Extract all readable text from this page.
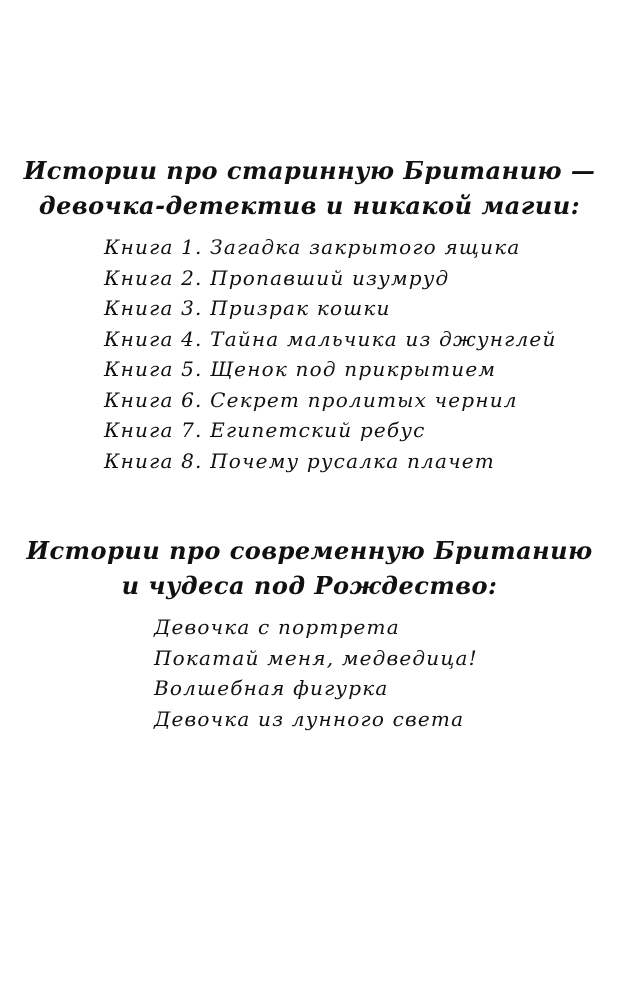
Истории про старинную Британию —
девочка-детектив и никакой магии:
Книга 1. Загадка закрытого ящика
Книга 2. Пропавший изумруд
Книга 3. Призрак кошки
Книга 4. Тайна мальчика из джунглей
Книга 5. Щенок под прикрытием
Книга 6. Секрет пролитых чернил
Книга 7. Египетский ребус
Книга 8. Почему русалка плачет
Истории про современную Британию
и чудеса под Рождество:
Девочка с портрета
Покатай меня, медведица!
Волшебная фигурка
Девочка из лунного света
